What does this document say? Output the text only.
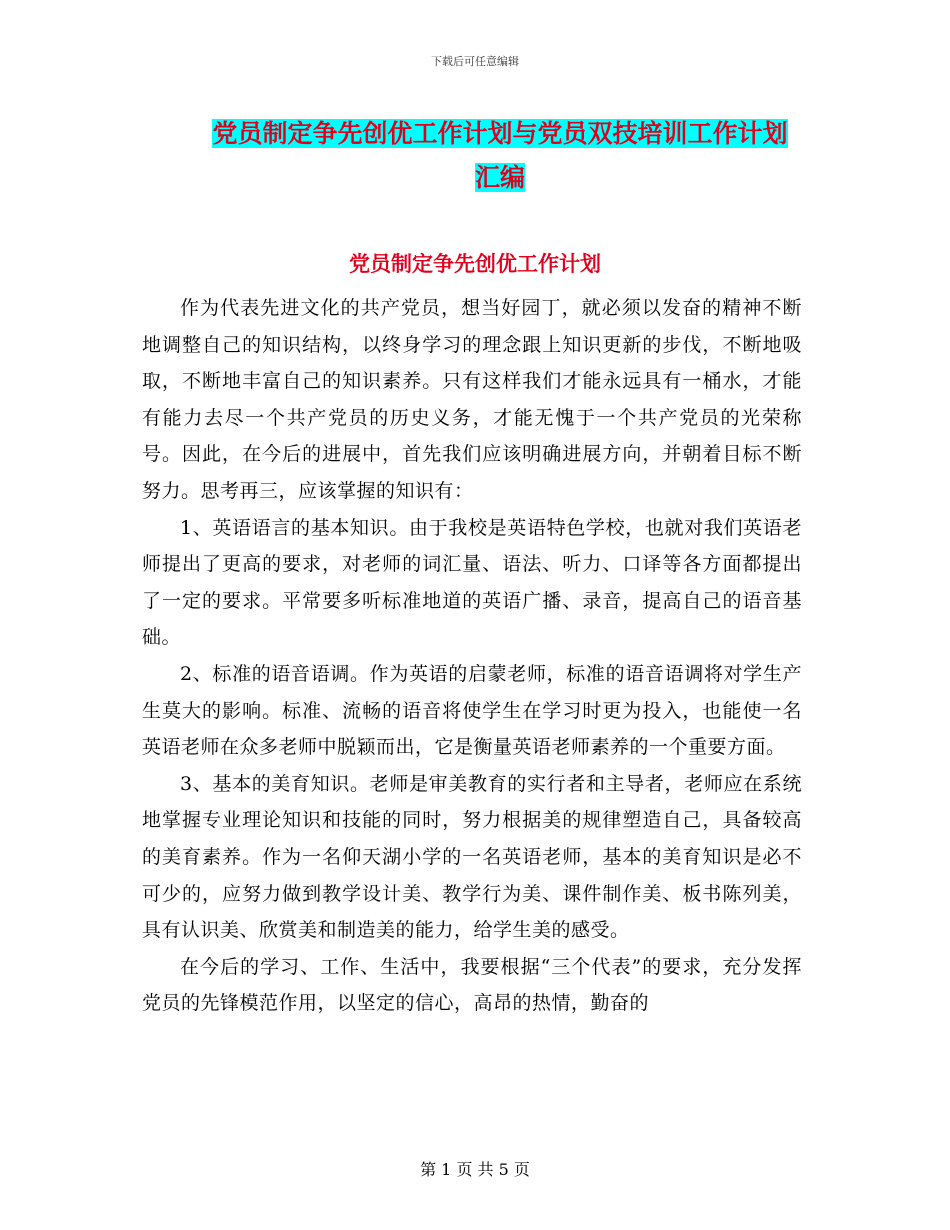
下载后可任意编辑
党员制定争先创优工作计划与党员双技培训工作计划
汇编
党员制定争先创优工作计划

作为代表先进文化的共产党员，想当好园丁，就必须以发奋的精神不断地调整自己的知识结构，以终身学习的理念跟上知识更新的步伐，不断地吸取，不断地丰富自己的知识素养。只有这样我们才能永远具有一桶水，才能有能力去尽一个共产党员的历史义务，才能无愧于一个共产党员的光荣称号。因此，在今后的进展中，首先我们应该明确进展方向，并朝着目标不断努力。思考再三，应该掌握的知识有：

1、英语语言的基本知识。由于我校是英语特色学校，也就对我们英语老师提出了更高的要求，对老师的词汇量、语法、听力、口译等各方面都提出了一定的要求。平常要多听标准地道的英语广播、录音，提高自己的语音基础。

2、标准的语音语调。作为英语的启蒙老师，标准的语音语调将对学生产生莫大的影响。标准、流畅的语音将使学生在学习时更为投入，也能使一名英语老师在众多老师中脱颖而出，它是衡量英语老师素养的一个重要方面。

3、基本的美育知识。老师是审美教育的实行者和主导者，老师应在系统地掌握专业理论知识和技能的同时，努力根据美的规律塑造自己，具备较高的美育素养。作为一名仰天湖小学的一名英语老师，基本的美育知识是必不可少的，应努力做到教学设计美、教学行为美、课件制作美、板书陈列美，具有认识美、欣赏美和制造美的能力，给学生美的感受。

在今后的学习、工作、生活中，我要根据“三个代表”的要求，充分发挥党员的先锋模范作用，以坚定的信心，高昂的热情，勤奋的

第 1 页 共 5 页
